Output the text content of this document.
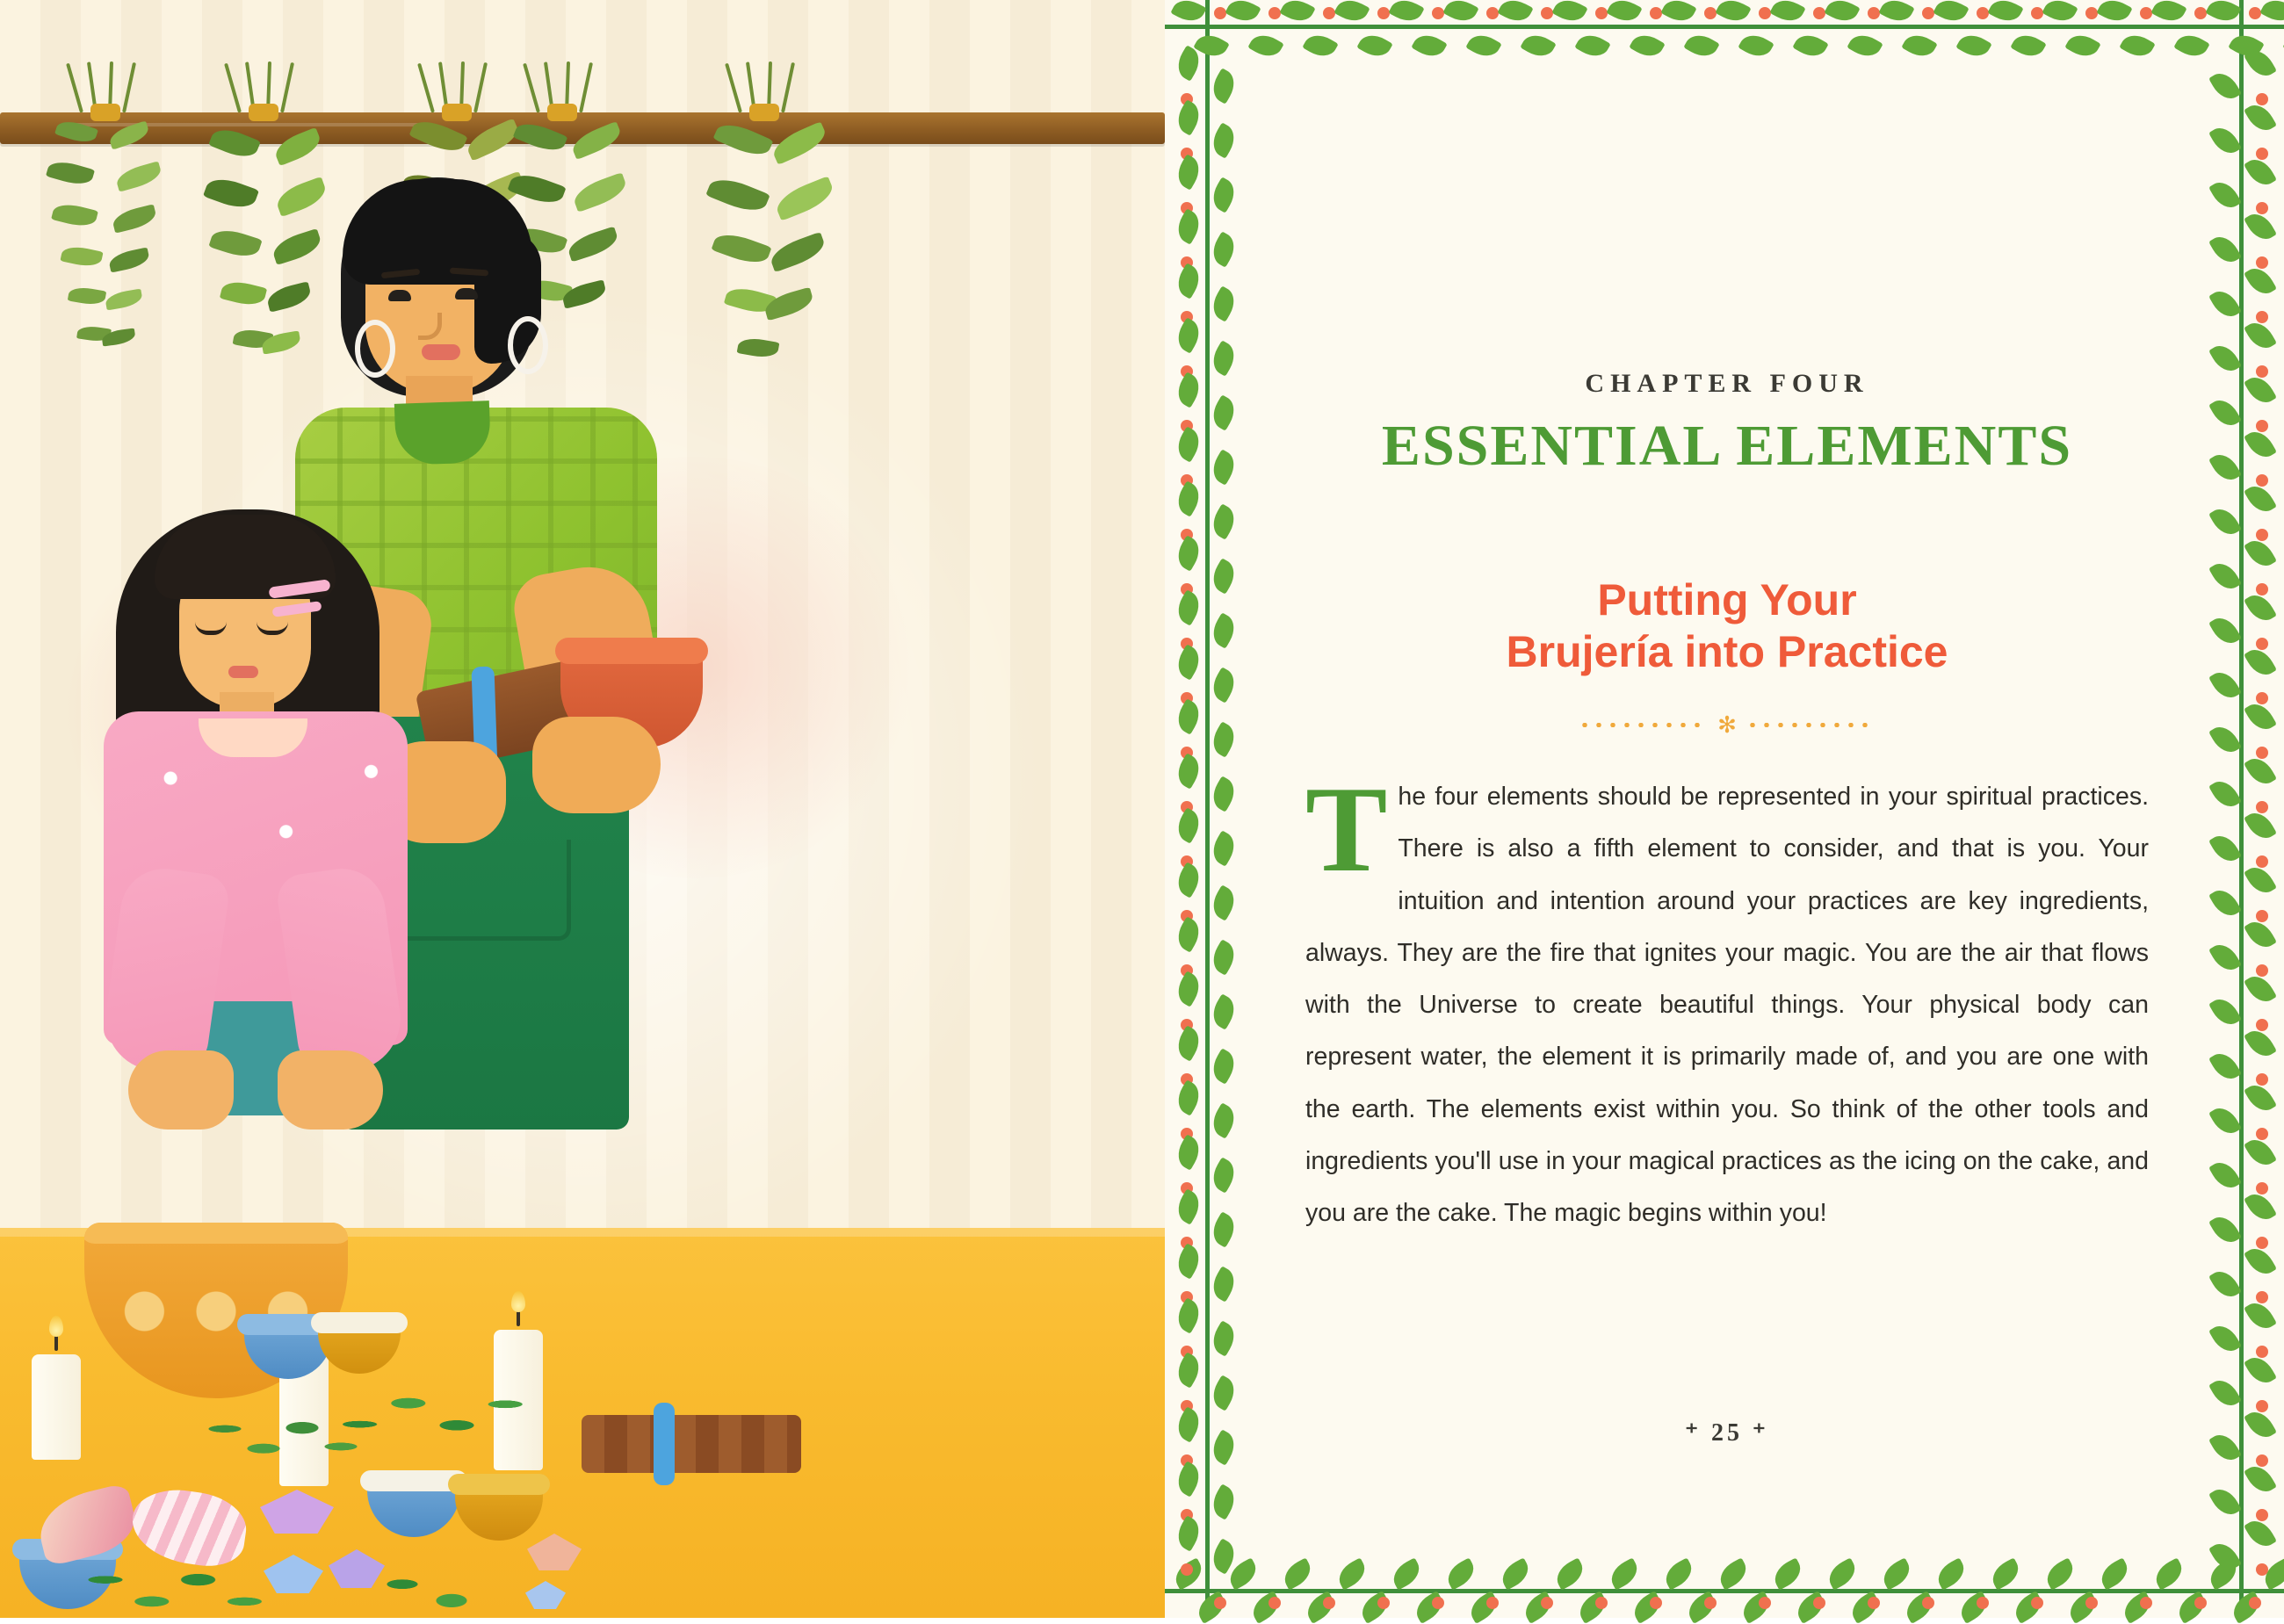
CHAPTER FOUR
ESSENTIAL ELEMENTS
Putting Your
Brujería into Practice
✻

The four elements should be represented in your spiritual practices. There is also a fifth element to consider, and that is you. Your intuition and intention around your practices are key ingredients, always. They are the fire that ignites your magic. You are the air that flows with the Universe to create beautiful things. Your physical body can represent water, the element it is primarily made of, and you are one with the earth. The elements exist within you. So think of the other tools and ingredients you'll use in your magical practices as the icing on the cake, and you are the cake. The magic begins within you!

⁺ 25 ⁺
